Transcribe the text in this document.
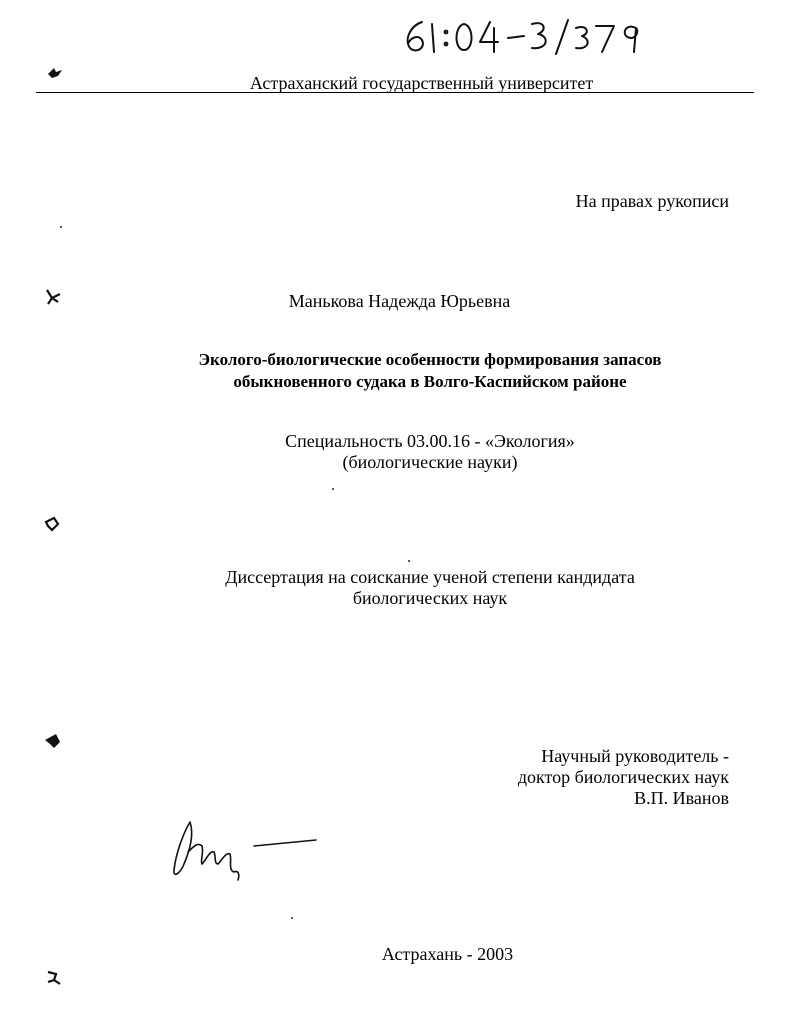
Астраханский государственный университет
На правах рукописи
Манькова Надежда Юрьевна
Эколого-биологические особенности формирования запасов
обыкновенного судака в Волго-Каспийском районе
Специальность 03.00.16 - «Экология»
(биологические науки)
Диссертация на соискание ученой степени кандидата
биологических наук
Научный руководитель -
доктор биологических наук
В.П. Иванов
Астрахань - 2003
